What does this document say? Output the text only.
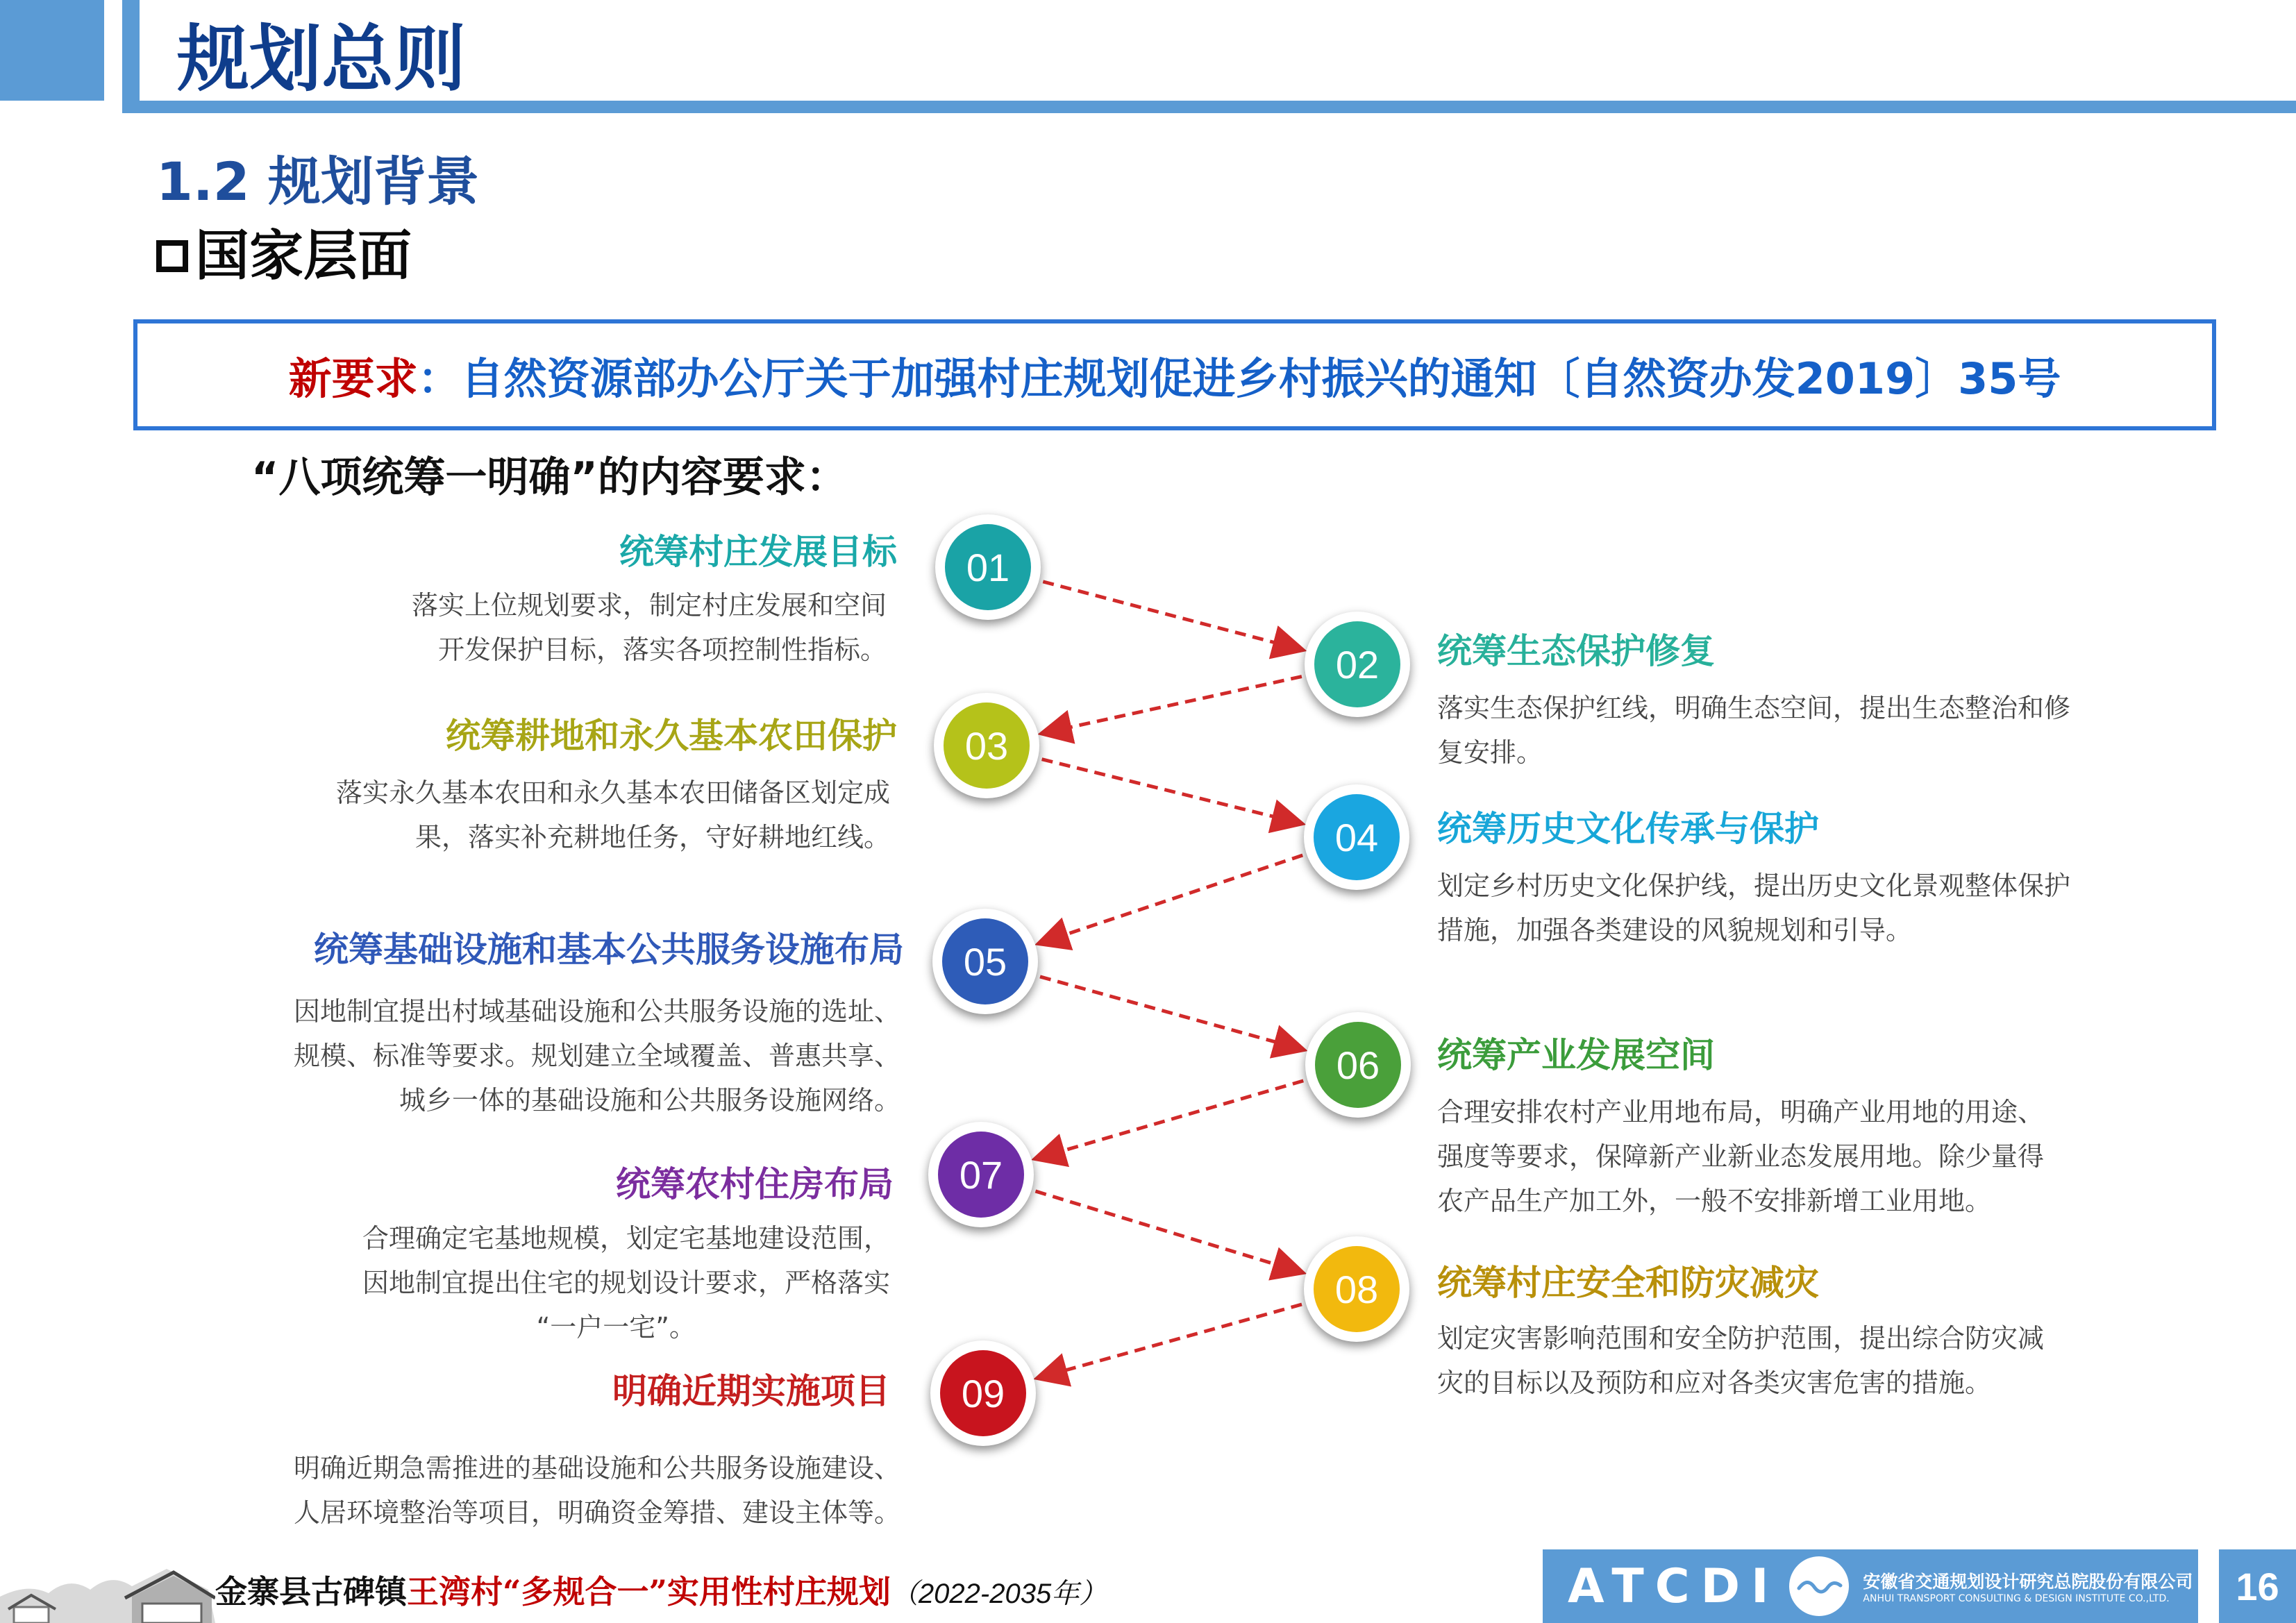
规划总则
1.2 规划背景
国家层面
新要求 ：自然资源部办公厅关于加强村庄规划促进乡村振兴的通知〔自然资办发2019〕35号
“八项统筹一明确”的内容要求：
统筹村庄发展目标
落实上位规划要求，制定村庄发展和空间
开发保护目标，落实各项控制性指标。
统筹耕地和永久基本农田保护
落实永久基本农田和永久基本农田储备区划定成
果，落实补充耕地任务，守好耕地红线。
统筹基础设施和基本公共服务设施布局
因地制宜提出村域基础设施和公共服务设施的选址、
规模、标准等要求。规划建立全域覆盖、普惠共享、
城乡一体的基础设施和公共服务设施网络。
统筹农村住房布局
合理确定宅基地规模，划定宅基地建设范围，
因地制宜提出住宅的规划设计要求，严格落实
“一户一宅”。
明确近期实施项目
明确近期急需推进的基础设施和公共服务设施建设、
人居环境整治等项目，明确资金筹措、建设主体等。
统筹生态保护修复
落实生态保护红线，明确生态空间，提出生态整治和修
复安排。
统筹历史文化传承与保护
划定乡村历史文化保护线，提出历史文化景观整体保护
措施，加强各类建设的风貌规划和引导。
统筹产业发展空间
合理安排农村产业用地布局，明确产业用地的用途、
强度等要求，保障新产业新业态发展用地。除少量得
农产品生产加工外，一般不安排新增工业用地。
统筹村庄安全和防灾减灾
划定灾害影响范围和安全防护范围，提出综合防灾减
灾的目标以及预防和应对各类灾害危害的措施。
01
02
03
04
05
06
07
08
09
金寨县古碑镇王湾村“多规合一”实用性村庄规划（2022-2035年）	ATCDI	安徽省交通规划设计研究总院股份有限公司
ANHUI TRANSPORT CONSULTING & DESIGN INSTITUTE CO.,LTD.	16
